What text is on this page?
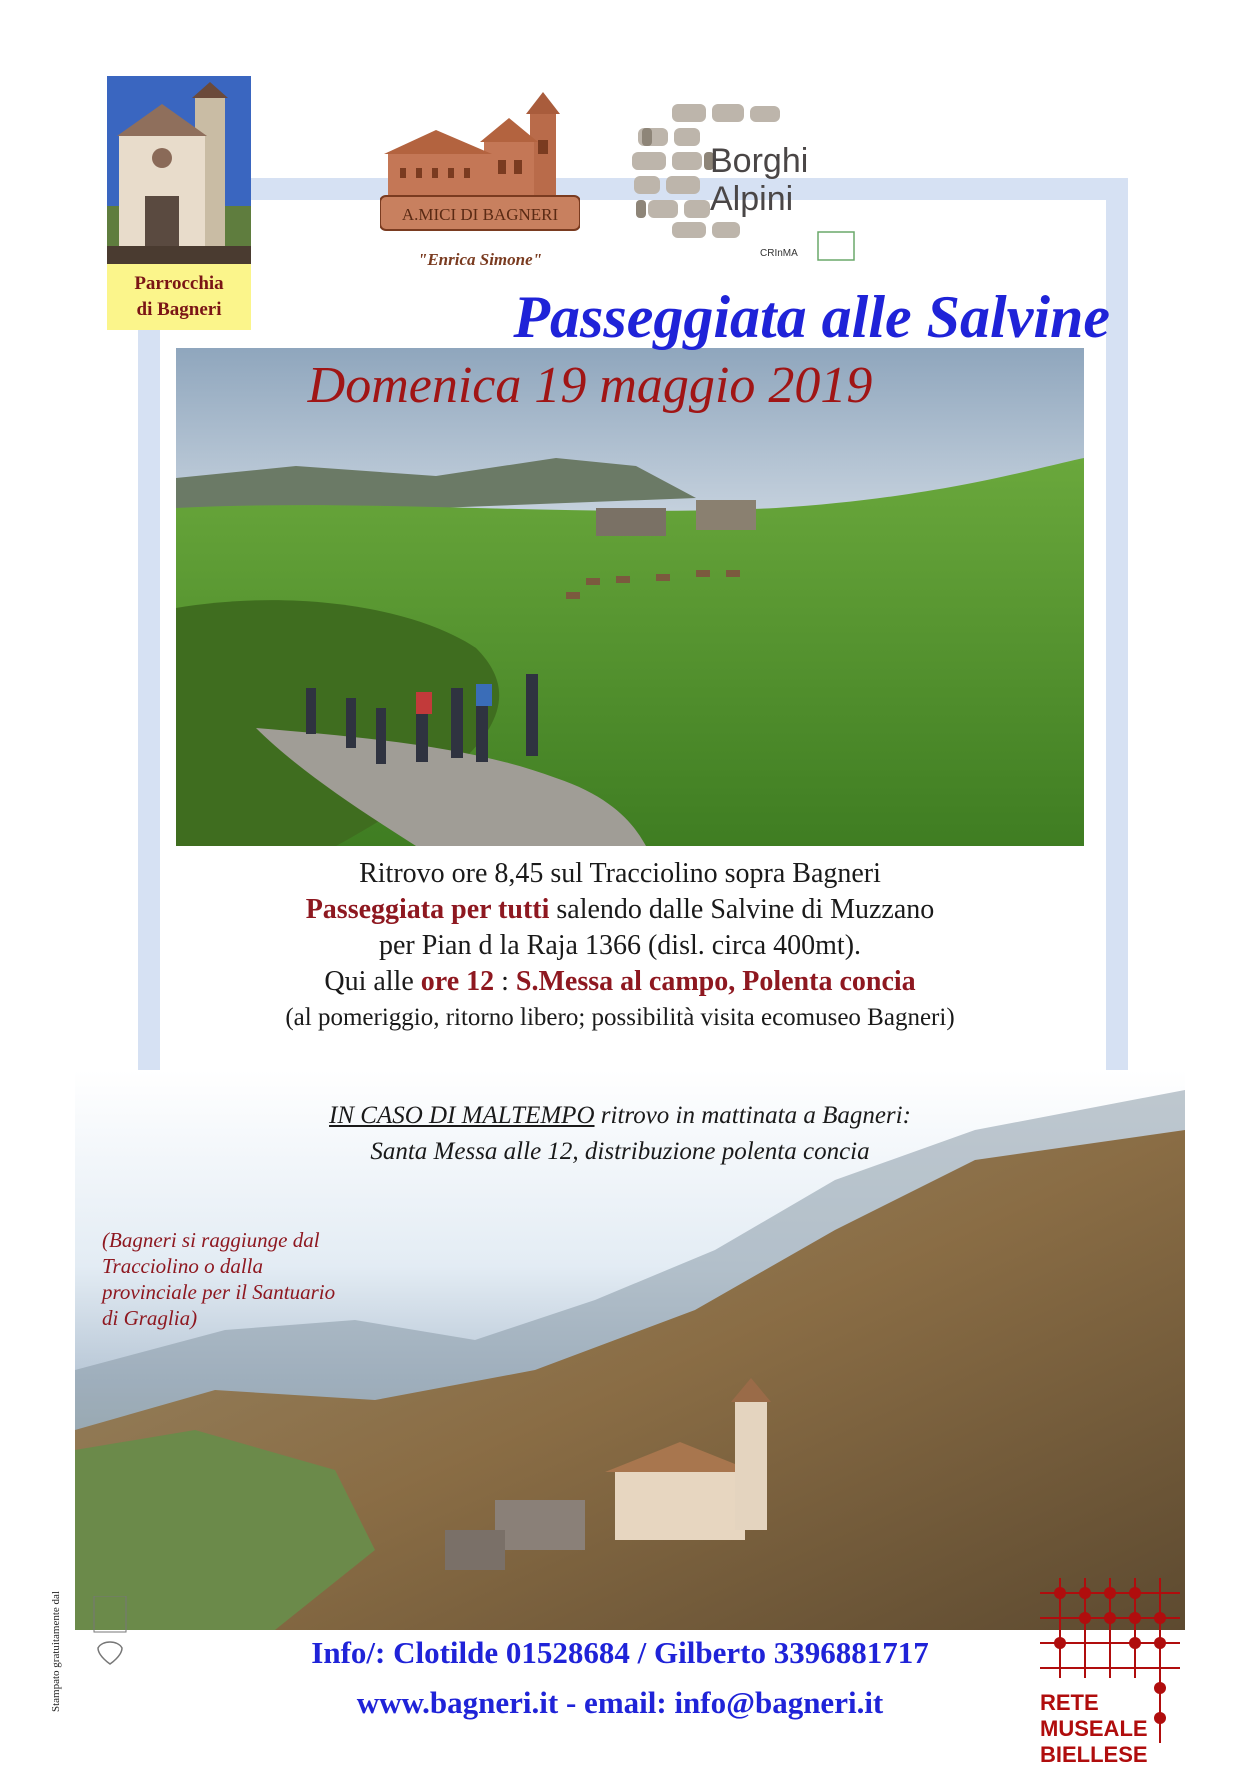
Parrocchia
di Bagneri
A.MICI DI BAGNERI
"Enrica Simone"
Borghi
Alpini
CRInMA
Passeggiata alle Salvine
Domenica 19 maggio 2019

Ritrovo ore 8,45 sul Tracciolino sopra Bagneri

Passeggiata per tutti salendo dalle Salvine di Muzzano

per Pian d la Raja 1366 (disl. circa 400mt).

Qui alle ore 12 : S.Messa al campo, Polenta concia

(al pomeriggio, ritorno libero; possibilità visita ecomuseo Bagneri)

IN CASO DI MALTEMPO ritrovo in mattinata a Bagneri:
Santa Messa alle 12, distribuzione polenta concia
(Bagneri si raggiunge dal Tracciolino o dalla provinciale per il Santuario di Graglia)
Stampato gratuitamente dal	Info/: Clotilde 01528684 / Gilberto 3396881717
www.bagneri.it - email: info@bagneri.it	RETE
MUSEALE
BIELLESE
